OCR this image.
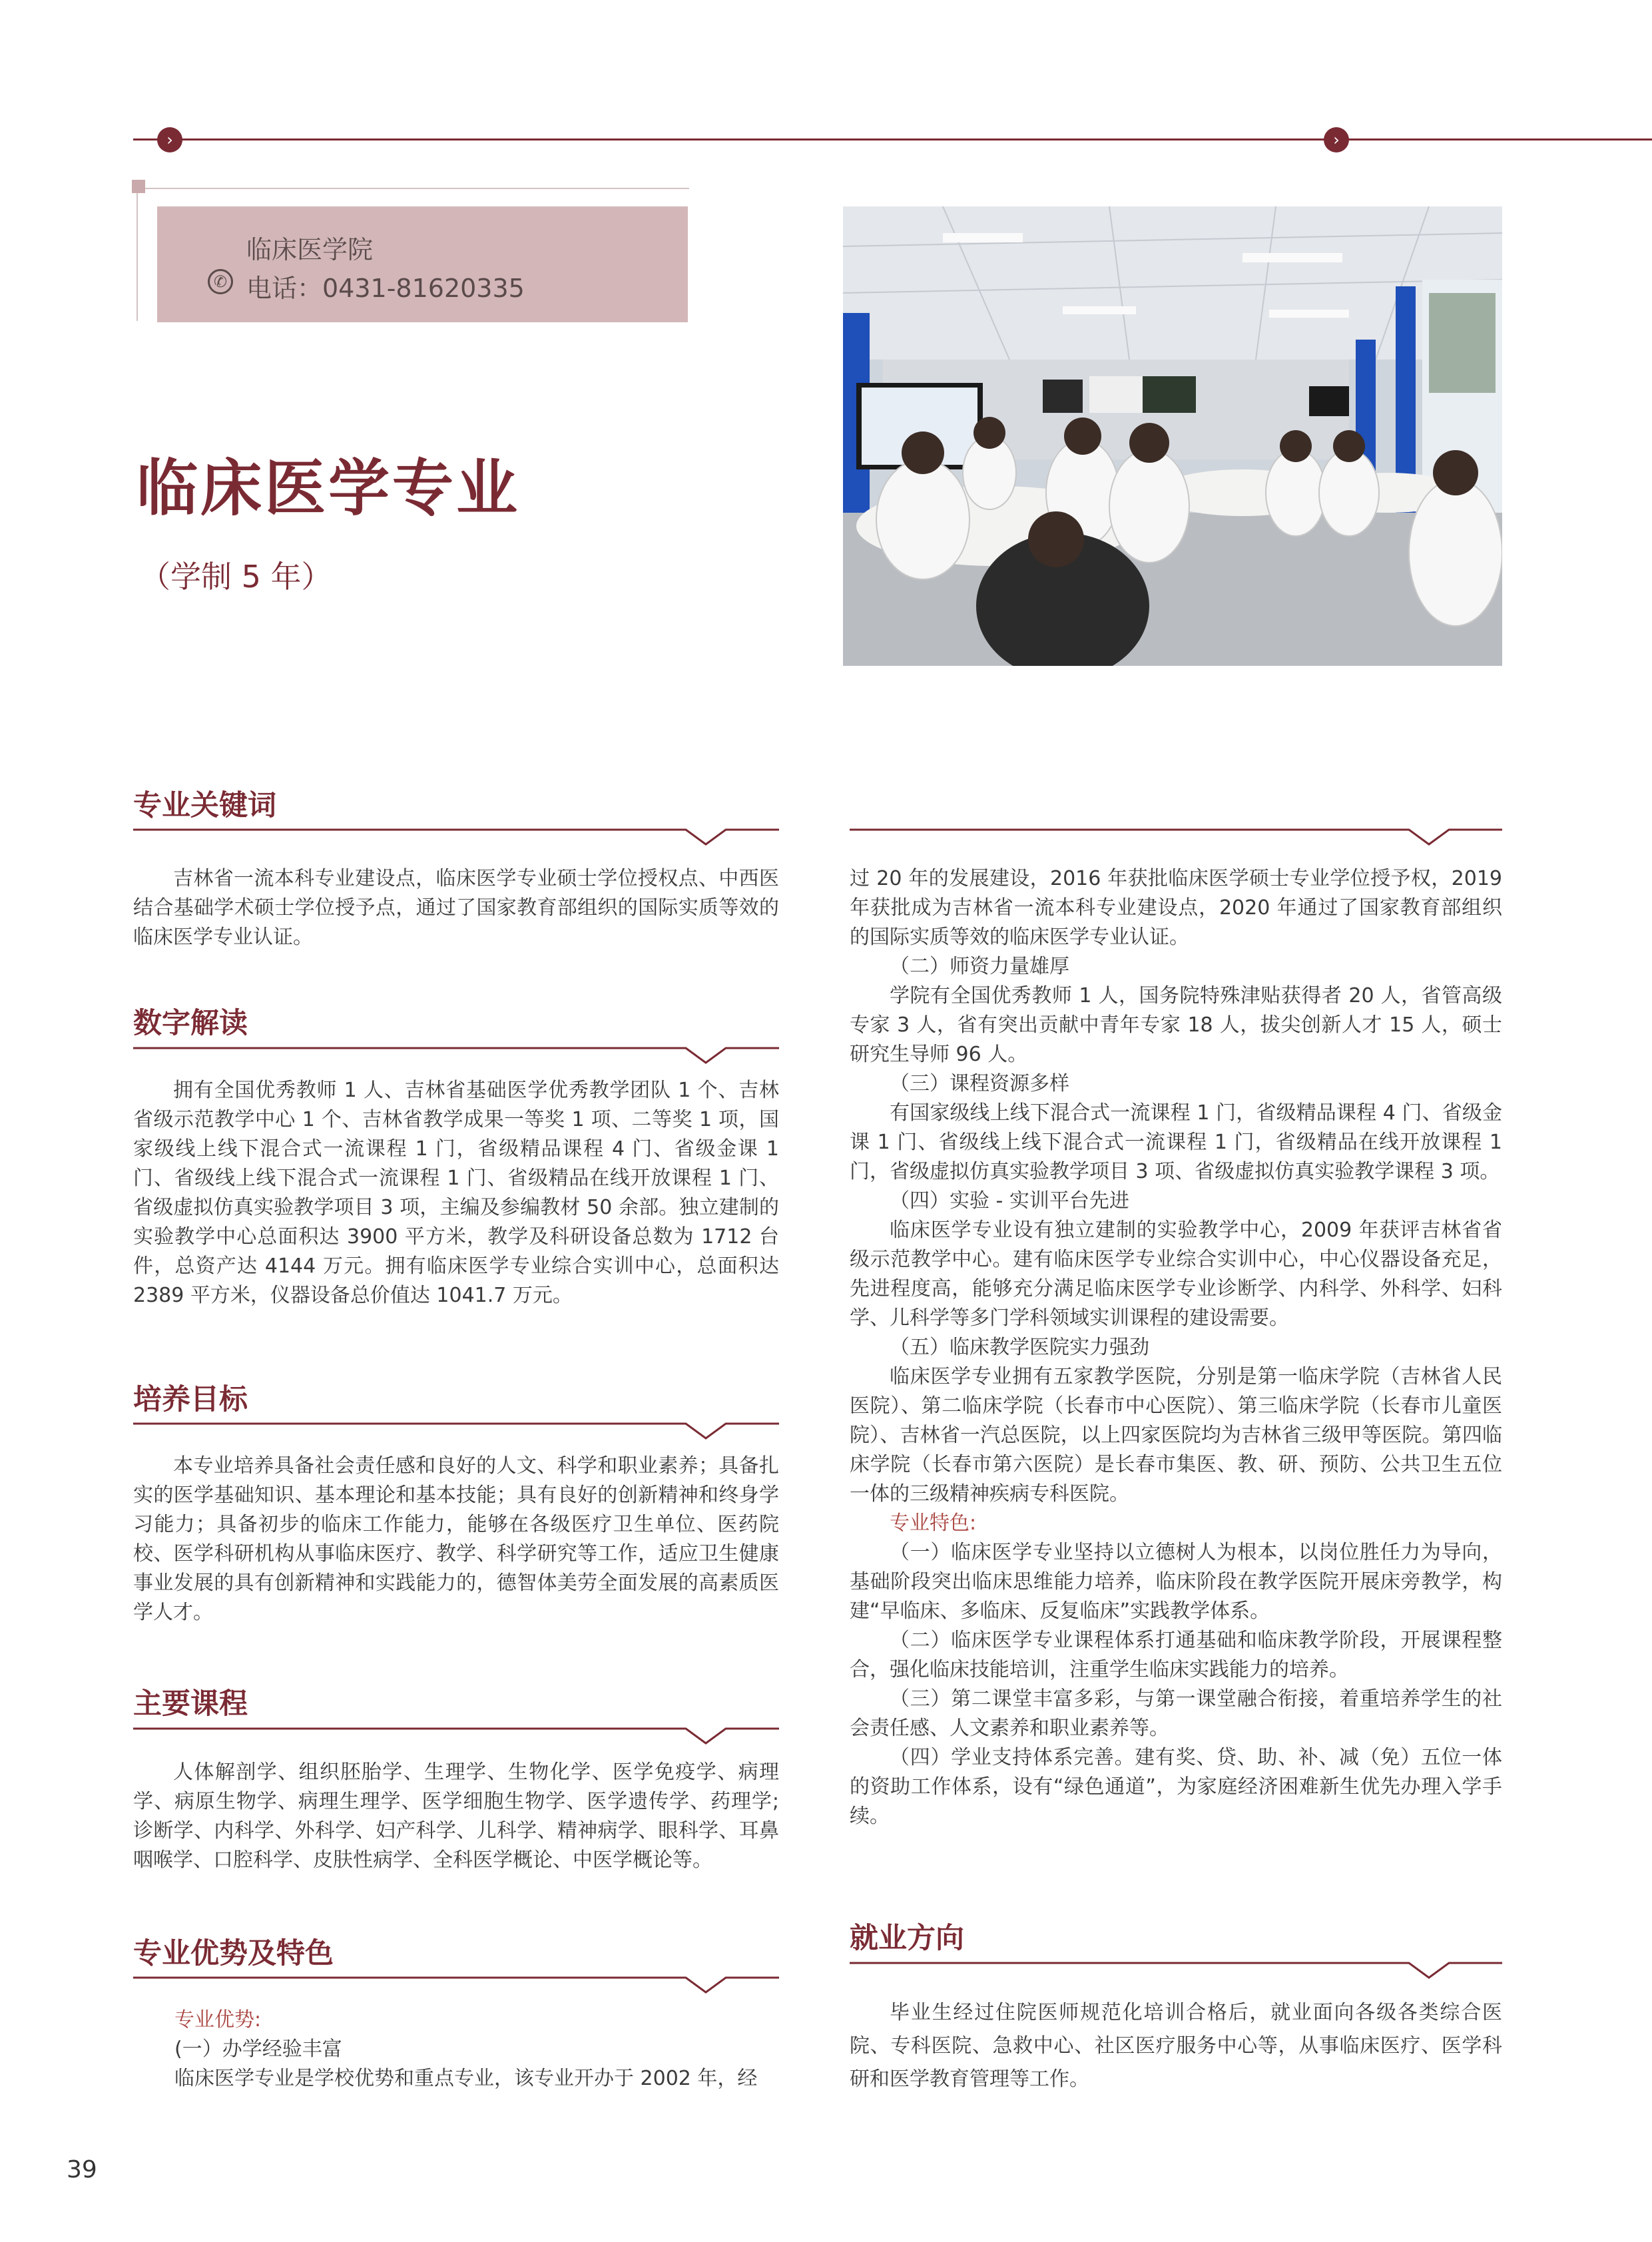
›	›
临床医学院
✆ 电话：0431-81620335
临床医学专业
（学制 5 年）
专业关键词

吉林省一流本科专业建设点，临床医学专业硕士学位授权点、中西医结合基础学术硕士学位授予点，通过了国家教育部组织的国际实质等效的临床医学专业认证。

数字解读

拥有全国优秀教师 1 人、吉林省基础医学优秀教学团队 1 个、吉林省级示范教学中心 1 个、吉林省教学成果一等奖 1 项、二等奖 1 项，国家级线上线下混合式一流课程 1 门，省级精品课程 4 门、省级金课 1 门、省级线上线下混合式一流课程 1 门、省级精品在线开放课程 1 门、省级虚拟仿真实验教学项目 3 项，主编及参编教材 50 余部。独立建制的实验教学中心总面积达 3900 平方米，教学及科研设备总数为 1712 台件，总资产达 4144 万元。拥有临床医学专业综合实训中心，总面积达 2389 平方米，仪器设备总价值达 1041.7 万元。

培养目标

本专业培养具备社会责任感和良好的人文、科学和职业素养；具备扎实的医学基础知识、基本理论和基本技能；具有良好的创新精神和终身学习能力；具备初步的临床工作能力，能够在各级医疗卫生单位、医药院校、医学科研机构从事临床医疗、教学、科学研究等工作，适应卫生健康事业发展的具有创新精神和实践能力的，德智体美劳全面发展的高素质医学人才。

主要课程

人体解剖学、组织胚胎学、生理学、生物化学、医学免疫学、病理学、病原生物学、病理生理学、医学细胞生物学、医学遗传学、药理学; 诊断学、内科学、外科学、妇产科学、儿科学、精神病学、眼科学、耳鼻咽喉学、口腔科学、皮肤性病学、全科医学概论、中医学概论等。

专业优势及特色

专业优势:

(一）办学经验丰富

临床医学专业是学校优势和重点专业，该专业开办于 2002 年，经

过 20 年的发展建设，2016 年获批临床医学硕士专业学位授予权，2019 年获批成为吉林省一流本科专业建设点，2020 年通过了国家教育部组织的国际实质等效的临床医学专业认证。

（二）师资力量雄厚

学院有全国优秀教师 1 人，国务院特殊津贴获得者 20 人，省管高级专家 3 人，省有突出贡献中青年专家 18 人，拔尖创新人才 15 人，硕士研究生导师 96 人。

（三）课程资源多样

有国家级线上线下混合式一流课程 1 门，省级精品课程 4 门、省级金课 1 门、省级线上线下混合式一流课程 1 门，省级精品在线开放课程 1 门，省级虚拟仿真实验教学项目 3 项、省级虚拟仿真实验教学课程 3 项。

（四）实验 - 实训平台先进

临床医学专业设有独立建制的实验教学中心，2009 年获评吉林省省级示范教学中心。建有临床医学专业综合实训中心，中心仪器设备充足，先进程度高，能够充分满足临床医学专业诊断学、内科学、外科学、妇科学、儿科学等多门学科领域实训课程的建设需要。

（五）临床教学医院实力强劲

临床医学专业拥有五家教学医院，分别是第一临床学院（吉林省人民医院）、第二临床学院（长春市中心医院）、第三临床学院（长春市儿童医院）、吉林省一汽总医院，以上四家医院均为吉林省三级甲等医院。第四临床学院（长春市第六医院）是长春市集医、教、研、预防、公共卫生五位一体的三级精神疾病专科医院。

专业特色:

（一）临床医学专业坚持以立德树人为根本，以岗位胜任力为导向，基础阶段突出临床思维能力培养，临床阶段在教学医院开展床旁教学，构建“早临床、多临床、反复临床”实践教学体系。

（二）临床医学专业课程体系打通基础和临床教学阶段，开展课程整合，强化临床技能培训，注重学生临床实践能力的培养。

（三）第二课堂丰富多彩，与第一课堂融合衔接，着重培养学生的社会责任感、人文素养和职业素养等。

（四）学业支持体系完善。建有奖、贷、助、补、减（免）五位一体的资助工作体系，设有“绿色通道”，为家庭经济困难新生优先办理入学手续。

就业方向

毕业生经过住院医师规范化培训合格后，就业面向各级各类综合医院、专科医院、急救中心、社区医疗服务中心等，从事临床医疗、医学科研和医学教育管理等工作。

39
